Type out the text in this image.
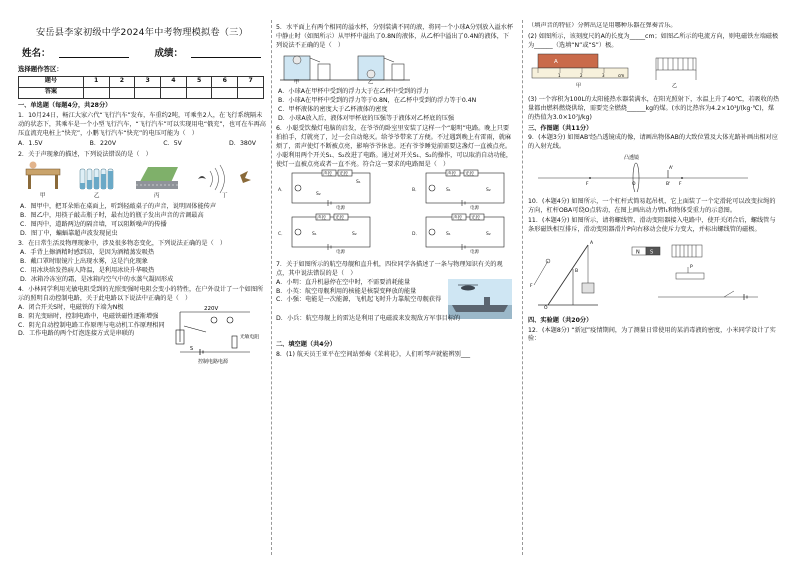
安岳县李家初级中学2024年中考物理模拟卷（三）
姓名：	成绩：
选择题作答区：
题号	1	2	3	4	5	6	7
答案							
一、单选题（每题4分，共28分）

1．10月24日，畅江大家六代“飞行汽车”发布，车重约2吨，可乘坐2人，在飞行系统隔未动的状态下，其乘车是一个小型飞行汽车，“飞行汽车”可以实现用电“俄充”，也可在车再高压直流充电桩上“快充”，小鹏飞行汽车“快充”的电压可能为（　）

A．1.5V	B．220V	C．5V	D．380V

2．关于声现象的描述，下列说法错误的是（　）

甲	乙	丙	丁

A．图甲中，把耳朵贴在桌面上，听到轻敲桌子的声音，说明固体能传声

B．图乙中，用筷子敲击瓶子时，最右边的瓶子发出声音的音调最高

C．图丙中，道路两边的隔音墙，可以阻断噪声的传播

D．图丁中，蝙蝠靠超声波发现昆虫

3．在日常生活及物理现象中，涉及很多物态变化，下列说法正确的是（　）

A．手背上擦酒精时感到凉，是因为酒精蒸发吸热

B．戴口罩时眼镜片上出现水雾，这是汽化现象

C．用冰块给发热病人降温，是利用冰块升华吸热

D．冰箱冷冻室的霜，是冰箱内空气中的水蒸气凝固形成

4．小林同学利用光敏电阻受到的光照变强时电阻会变小的特性，在户外设计了一个如图所示的照明自动控制电路，关于此电路以下说法中正确的是（　）

A．闭合开关S时，电磁铁的下端为N极

B．阴光变暗时，控制电路中，电磁铁磁性逐渐增强

C．阴光自动控制电路工作原理与电动机工作原理相同

D．工作电路的两个灯泡连接方式是串联的

220V
光敏电阻
S
控制电路电源

5．水平面上有两个相同的溢水杯，分别装满不同的液，将同一个小球A分别放入溢水杯中静止时（如图所示）从甲杯中溢出了0.8N的液体，从乙杯中溢出了0.4N的液体，下列说法不正确的是（　）

甲	乙

A．小球A在甲杯中受到的浮力大于在乙杯中受到的浮力

B．小球A在甲杯中受到的浮力等于0.8N，在乙杯中受到的浮力等于0.4N

C．甲杯液体的密度大于乙杯液体的密度

D．小球A放入后，液体对甲杯底的压强等于液体对乙杯底的压强

6．小聪受饮燥灯电脑的启发，在爷爷的卧室里安装了这样一个“聪明”电路。晚上只要拍拍手，灯就亮了，过一会自动熄灭。给爷爷带来了方便。不过遇到晚上有雷雨，就麻烦了，雷声使灯不断被点亮，影响爷爷休息。还有爷爷睡觉前需要这盏灯一直被点亮。小聪利用两个开关S₁、S₂改进了电路。通过对开关S₁、S₂的操作，可以取消自动功能，使灯一直被点亮或者一直不亮。符合这一要求的电路图是（　）

A．	B．
C．	D．
声控 光控	声控 光控
声控 光控	声控 光控
S₁
S₂
S₁	S₂
S₁	S₂	S₁	S₂
电源	电源
电源	电源

7．关于如图所示的航空母舰和直升机，四位同学各描述了一条与物理知识有关的观点，其中说法错误的是（　）

A．小明：直升机悬停在空中时，不需要消耗能量

B．小英：航空母舰利用的核能是核裂变释放的能量

C．小强：电能是一次能源，飞机起飞时升力靠航空母舰获得

D．小兵：航空母舰上的雷达是利用了电磁波来发现敌方军事目标的

二、填空题（共4分）

8．(1) 航天员王亚平在空间站弹奏《茉莉花》，人们听琴声就能辨别___

（填声音的特征）分辨出这是用哪种乐器在弹奏音乐。

(2) 如图所示，该刻度尺的A的长度为_____cm；如图乙所示的电流方向，则电磁铁左端磁极为______（选填“N”或“S”）极。

A
1	2	3	cm
甲	乙

(3) 一个容积为100L的太阳能热水器装满水，在阳光照射下，水温上升了40℃，若吸收的热量都由燃料燃烧供给，需要完全燃烧______kg的煤。(水的比热容为4.2×10³J/(kg·℃)，煤的热值为3.0×10⁷J/kg)

三、作图题（共11分）

9．(本题3分) 如图AB'经凸透镜成的像，请画出物体AB的大致位置及大体光路补画出相对应的入射光线。

凸透镜
F	F
A'
B'
O

10．(本题4分) 如图所示，一个杠杆式简易起吊机，它上面装了一个定滑轮可以改变拉绳的方向，杠杆OBA可绕O点转动，在图上画出动力臂l₁和物体受重力的示意图。

11．(本题4分) 如图所示，请将螺线管、滑动变阻器接入电路中，使开关闭合后，螺线管与条形磁铁相互排斥，滑动变阻器滑片P向右移动会使斥力变大，并标出螺线管的磁极。

O
A
B
F
N S
P
四、实验题（共20分）

12．(本题8分) “新冠”疫情期间，为了测量日常使用的某消毒液的密度，小米同学设计了实验：
